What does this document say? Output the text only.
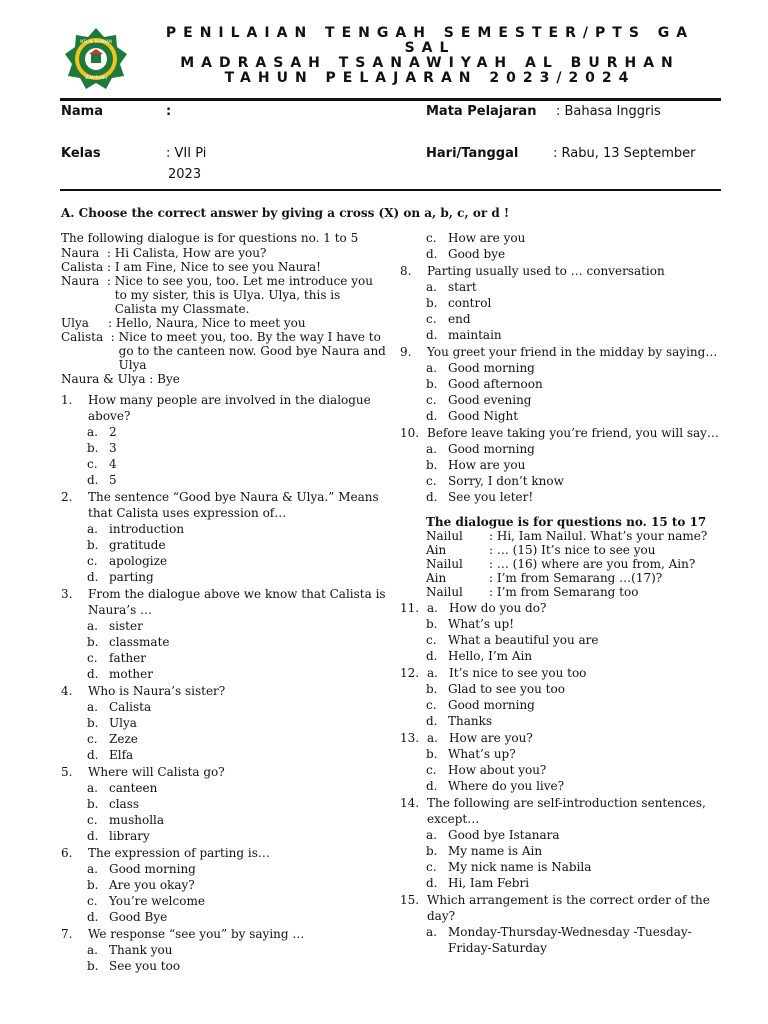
MTs AL BURHAN
SEMARANG
PENILAIAN TENGAH SEMESTER/PTS GA
SAL
MADRASAH TSANAWIYAH AL BURHAN
TAHUN PELAJARAN 2023/2024
Nama	:	Mata Pelajaran : Bahasa Inggris
Kelas	: VII Pi	Hari/Tanggal	: Rabu, 13 September
2023
A. Choose the correct answer by giving a cross (X) on a, b, c, or d !
The following dialogue is for questions no. 1 to 5
Naura  : Hi Calista, How are you?
Calista : I am Fine, Nice to see you Naura!
Naura  : Nice to see you, too. Let me introduce you to my sister, this is Ulya. Ulya, this is Calista my Classmate.
Ulya     : Hello, Naura, Nice to meet you
Calista  : Nice to meet you, too. By the way I have to go to the canteen now. Good bye Naura and Ulya
Naura & Ulya : Bye
1.	How many people are involved in the dialogue above?
a. 2
b. 3
c. 4
d. 5
2.	The sentence “Good bye Naura & Ulya.” Means that Calista uses expression of…
a. introduction
b. gratitude
c. apologize
d. parting
3.	From the dialogue above we know that Calista is Naura’s …
a. sister
b. classmate
c. father
d. mother
4.	Who is Naura’s sister?
a. Calista
b. Ulya
c. Zeze
d. Elfa
5.	Where will Calista go?
a. canteen
b. class
c. musholla
d. library
6.	The expression of parting is…
a. Good morning
b. Are you okay?
c. You’re welcome
d. Good Bye
7.	We response “see you” by saying …
a. Thank you
b. See you too
c. How are you
d. Good bye
8.	Parting usually used to … conversation
a. start
b. control
c. end
d. maintain
9.	You greet your friend in the midday by saying…
a. Good morning
b. Good afternoon
c. Good evening
d. Good Night
10. Before leave taking you’re friend, you will say…
a. Good morning
b. How are you
c. Sorry, I don’t know
d. See you leter!
The dialogue is for questions no. 15 to 17
Nailul	: Hi, Iam Nailul. What’s your name?
Ain	: … (15) It’s nice to see you
Nailul	: … (16) where are you from, Ain?
Ain	: I’m from Semarang …(17)?
Nailul	: I’m from Semarang too
11. a. How do you do?
b. What’s up!
c. What a beautiful you are
d. Hello, I’m Ain
12. a. It’s nice to see you too
b. Glad to see you too
c. Good morning
d. Thanks
13. a. How are you?
b. What’s up?
c. How about you?
d. Where do you live?
14. The following are self-introduction sentences, except…
a. Good bye Istanara
b. My name is Ain
c. My nick name is Nabila
d. Hi, Iam Febri
15. Which arrangement is the correct order of the day?
a. Monday-Thursday-Wednesday -Tuesday-Friday-Saturday
